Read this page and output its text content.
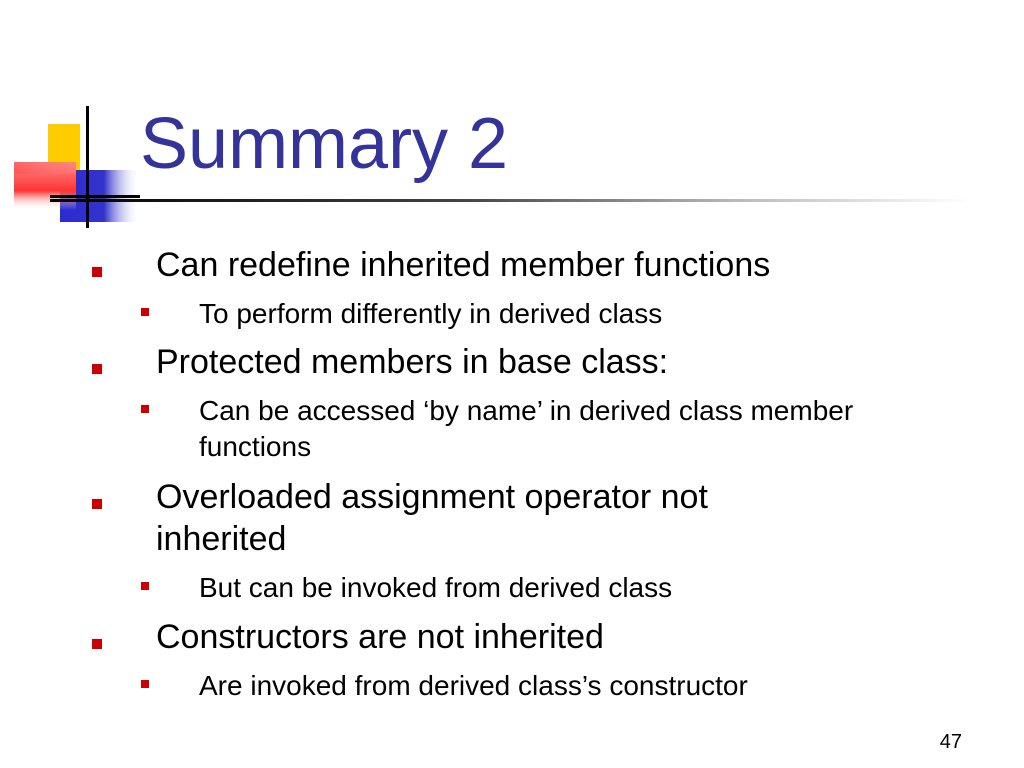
Summary 2
Can redefine inherited member functions
To perform differently in derived class
Protected members in base class:
Can be accessed ‘by name’ in derived class member functions
Overloaded assignment operator not inherited
But can be invoked from derived class
Constructors are not inherited
Are invoked from derived class’s constructor
47
